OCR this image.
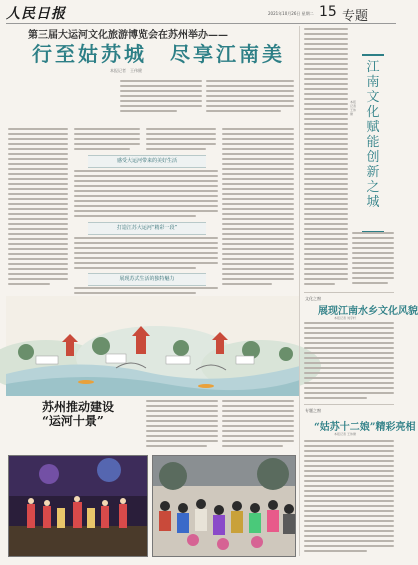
人民日报	2021年10月26日 星期二 15 专题
第三届大运河文化旅游博览会在苏州举办——
行至姑苏城　尽享江南美
本报记者　王伟健
感受大运河带来的美好生活
打造江苏大运河“精彩一段”
展现苏式生活的独特魅力
苏州推动建设
“运河十景”
江
南
文
化
赋
能
创
新
之
城
本报记者 王伟健
文化之窗
展现江南水乡文化风貌
本报记者 刘宇轩
专题之窗
“姑苏十二娘”精彩亮相
本报记者 王伟健
